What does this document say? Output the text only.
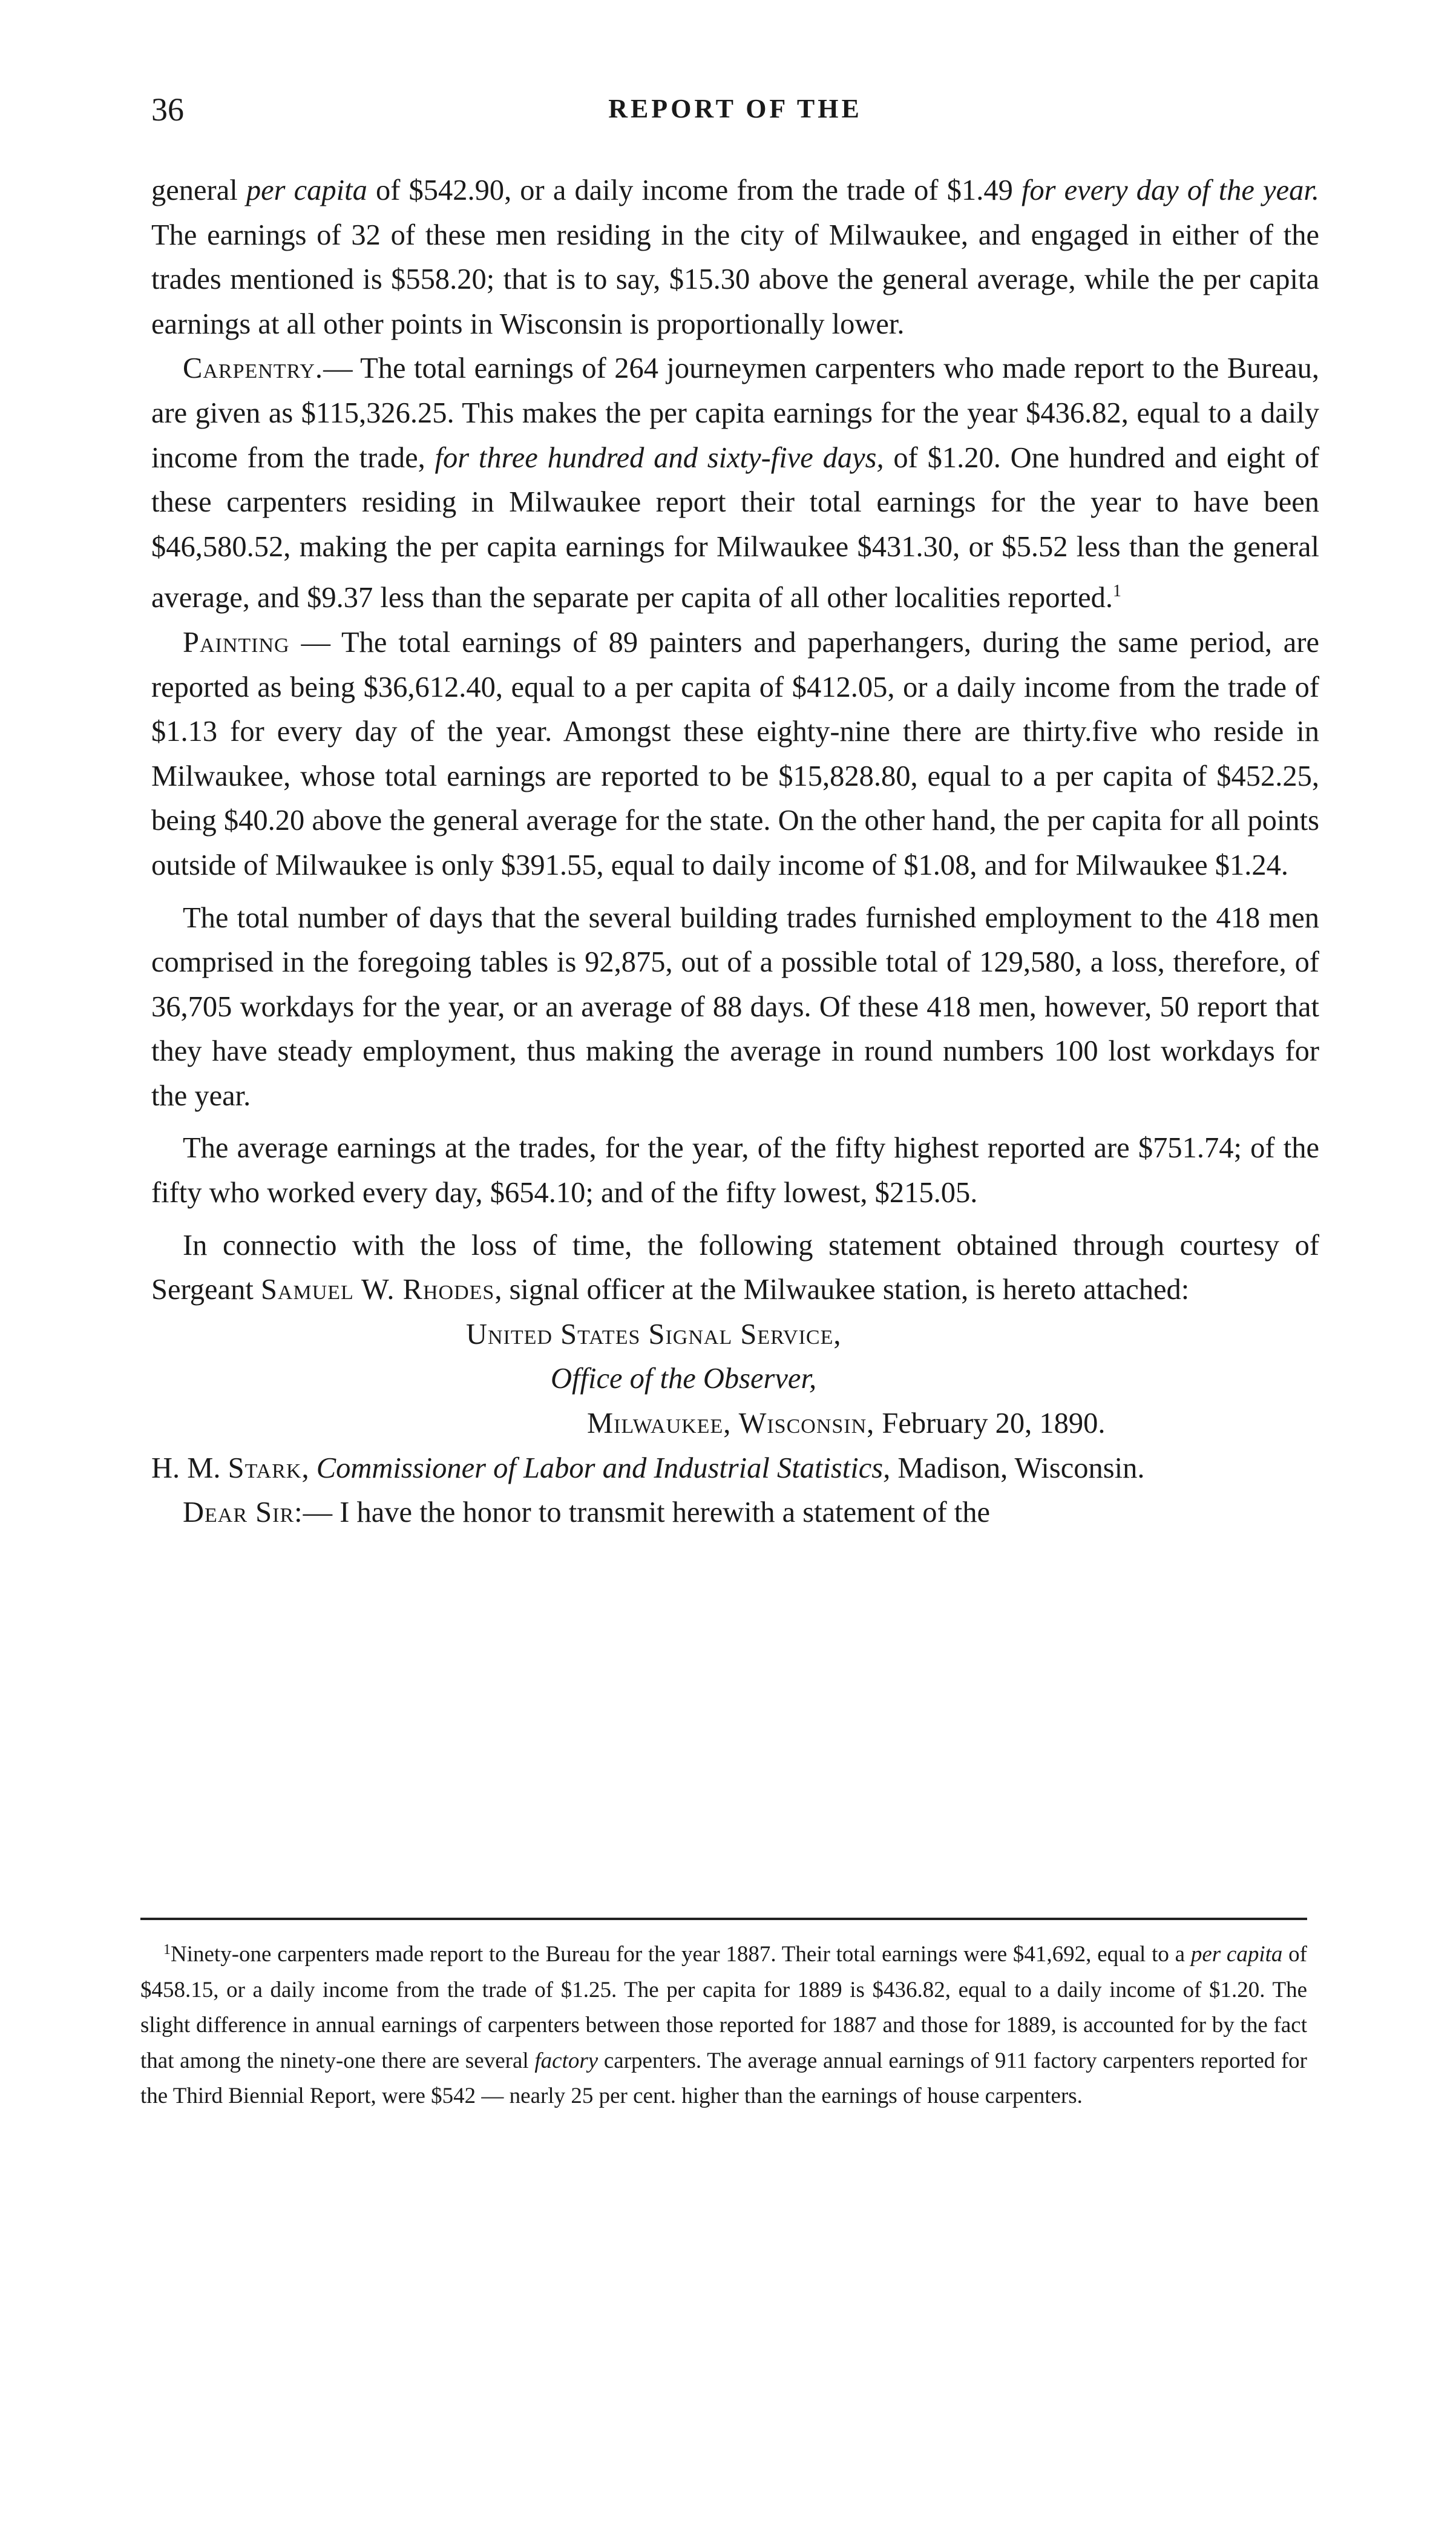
36	REPORT OF THE

general per capita of $542.90, or a daily income from the trade of $1.49 for every day of the year. The earnings of 32 of these men residing in the city of Milwaukee, and engaged in either of the trades mentioned is $558.20; that is to say, $15.30 above the general average, while the per capita earnings at all other points in Wisconsin is proportionally lower.

Carpentry.— The total earnings of 264 journeymen carpenters who made report to the Bureau, are given as $115,326.25. This makes the per capita earnings for the year $436.82, equal to a daily income from the trade, for three hundred and sixty-five days, of $1.20. One hundred and eight of these carpenters residing in Milwaukee report their total earnings for the year to have been $46,580.52, making the per capita earnings for Milwaukee $431.30, or $5.52 less than the general average, and $9.37 less than the separate per capita of all other localities reported.$^1$

Painting — The total earnings of 89 painters and paperhangers, during the same period, are reported as being $36,612.40, equal to a per capita of $412.05, or a daily income from the trade of $1.13 for every day of the year. Amongst these eighty-nine there are thirty.five who reside in Milwaukee, whose total earnings are reported to be $15,828.80, equal to a per capita of $452.25, being $40.20 above the general average for the state. On the other hand, the per capita for all points outside of Milwaukee is only $391.55, equal to daily income of $1.08, and for Milwaukee $1.24.

The total number of days that the several building trades furnished employment to the 418 men comprised in the foregoing tables is 92,875, out of a possible total of 129,580, a loss, therefore, of 36,705 workdays for the year, or an average of 88 days. Of these 418 men, however, 50 report that they have steady employment, thus making the average in round numbers 100 lost workdays for the year.

The average earnings at the trades, for the year, of the fifty highest reported are $751.74; of the fifty who worked every day, $654.10; and of the fifty lowest, $215.05.

In connectio with the loss of time, the following statement obtained through courtesy of Sergeant Samuel W. Rhodes, signal officer at the Milwaukee station, is hereto attached:

United States Signal Service,
Office of the Observer,
Milwaukee, Wisconsin, February 20, 1890.

H. M. Stark, Commissioner of Labor and Industrial Statistics, Madison, Wisconsin.

Dear Sir:— I have the honor to transmit herewith a statement of the

$^1$Ninety-one carpenters made report to the Bureau for the year 1887. Their total earnings were $41,692, equal to a per capita of $458.15, or a daily income from the trade of $1.25. The per capita for 1889 is $436.82, equal to a daily income of $1.20. The slight difference in annual earnings of carpenters between those reported for 1887 and those for 1889, is accounted for by the fact that among the ninety-one there are several factory carpenters. The average annual earnings of 911 factory carpenters reported for the Third Biennial Report, were $542 — nearly 25 per cent. higher than the earnings of house carpenters.
